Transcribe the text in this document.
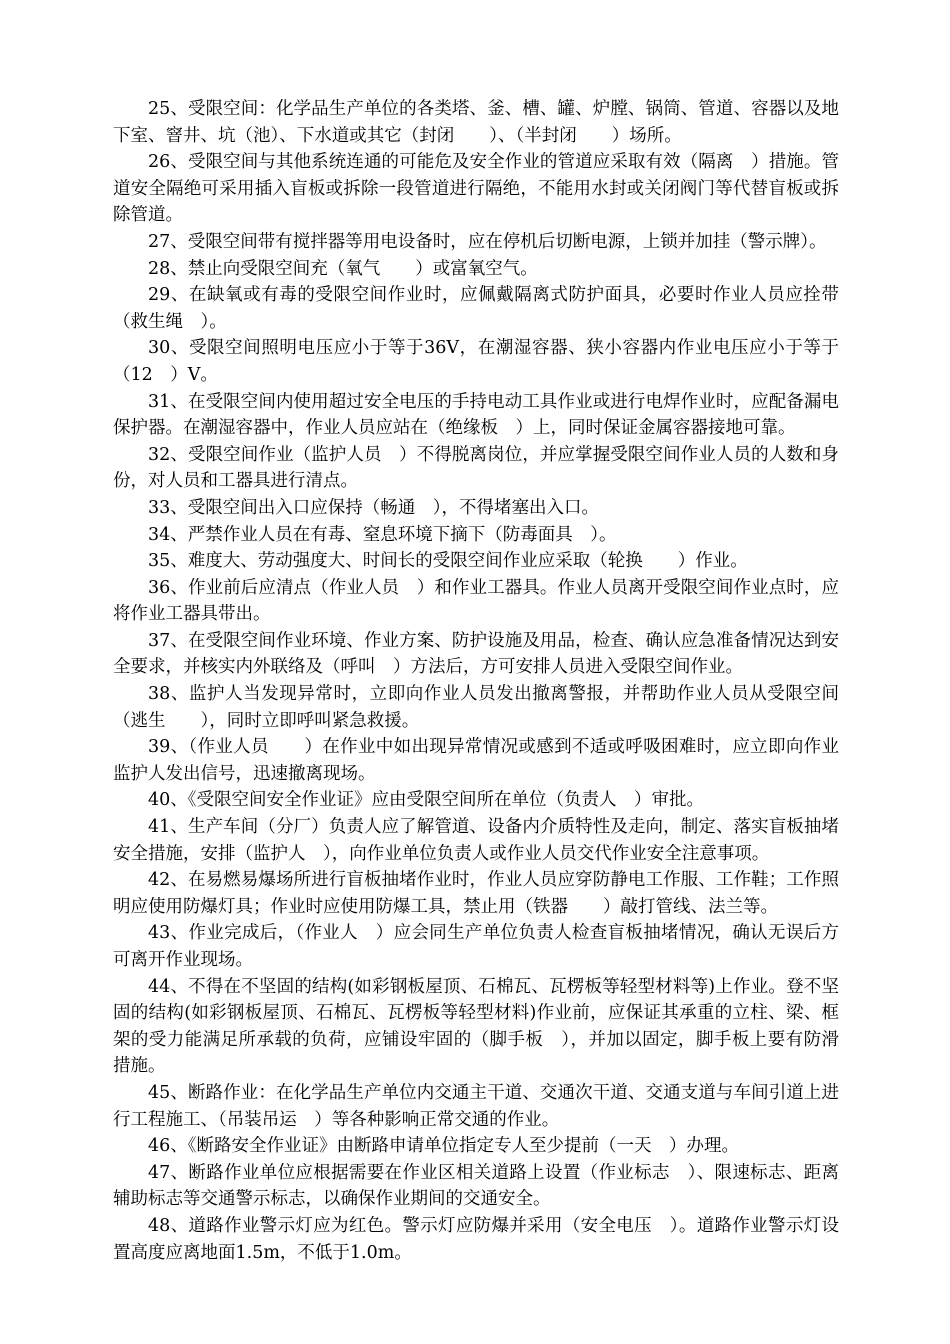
25、受限空间：化学品生产单位的各类塔、釜、槽、罐、炉膛、锅筒、管道、容器以及地下室、窨井、坑（池）、下水道或其它（封闭　　）、（半封闭　　）场所。

26、受限空间与其他系统连通的可能危及安全作业的管道应采取有效（隔离　）措施。管道安全隔绝可采用插入盲板或拆除一段管道进行隔绝，不能用水封或关闭阀门等代替盲板或拆除管道。

27、受限空间带有搅拌器等用电设备时，应在停机后切断电源，上锁并加挂（警示牌）。

28、禁止向受限空间充（氧气　　）或富氧空气。

29、在缺氧或有毒的受限空间作业时，应佩戴隔离式防护面具，必要时作业人员应拴带（救生绳　）。

30、受限空间照明电压应小于等于36V，在潮湿容器、狭小容器内作业电压应小于等于（12　）V。

31、在受限空间内使用超过安全电压的手持电动工具作业或进行电焊作业时，应配备漏电保护器。在潮湿容器中，作业人员应站在（绝缘板　）上，同时保证金属容器接地可靠。

32、受限空间作业（监护人员　）不得脱离岗位，并应掌握受限空间作业人员的人数和身份，对人员和工器具进行清点。

33、受限空间出入口应保持（畅通　），不得堵塞出入口。

34、严禁作业人员在有毒、窒息环境下摘下（防毒面具　）。

35、难度大、劳动强度大、时间长的受限空间作业应采取（轮换　　）作业。

36、作业前后应清点（作业人员　）和作业工器具。作业人员离开受限空间作业点时，应将作业工器具带出。

37、在受限空间作业环境、作业方案、防护设施及用品，检查、确认应急准备情况达到安全要求，并核实内外联络及（呼叫　）方法后，方可安排人员进入受限空间作业。

38、监护人当发现异常时，立即向作业人员发出撤离警报，并帮助作业人员从受限空间（逃生　　），同时立即呼叫紧急救援。

39、（作业人员　　）在作业中如出现异常情况或感到不适或呼吸困难时，应立即向作业监护人发出信号，迅速撤离现场。

40、《受限空间安全作业证》应由受限空间所在单位（负责人　）审批。

41、生产车间（分厂）负责人应了解管道、设备内介质特性及走向，制定、落实盲板抽堵安全措施，安排（监护人　），向作业单位负责人或作业人员交代作业安全注意事项。

42、在易燃易爆场所进行盲板抽堵作业时，作业人员应穿防静电工作服、工作鞋；工作照明应使用防爆灯具；作业时应使用防爆工具，禁止用（铁器　　）敲打管线、法兰等。

43、作业完成后，（作业人　）应会同生产单位负责人检查盲板抽堵情况，确认无误后方可离开作业现场。

44、不得在不坚固的结构(如彩钢板屋顶、石棉瓦、瓦楞板等轻型材料等)上作业。登不坚固的结构(如彩钢板屋顶、石棉瓦、瓦楞板等轻型材料)作业前，应保证其承重的立柱、梁、框架的受力能满足所承载的负荷，应铺设牢固的（脚手板　），并加以固定，脚手板上要有防滑措施。

45、断路作业：在化学品生产单位内交通主干道、交通次干道、交通支道与车间引道上进行工程施工、（吊装吊运　）等各种影响正常交通的作业。

46、《断路安全作业证》由断路申请单位指定专人至少提前（一天　）办理。

47、断路作业单位应根据需要在作业区相关道路上设置（作业标志　）、限速标志、距离辅助标志等交通警示标志，以确保作业期间的交通安全。

48、道路作业警示灯应为红色。警示灯应防爆并采用（安全电压　）。道路作业警示灯设置高度应离地面1.5m，不低于1.0m。
